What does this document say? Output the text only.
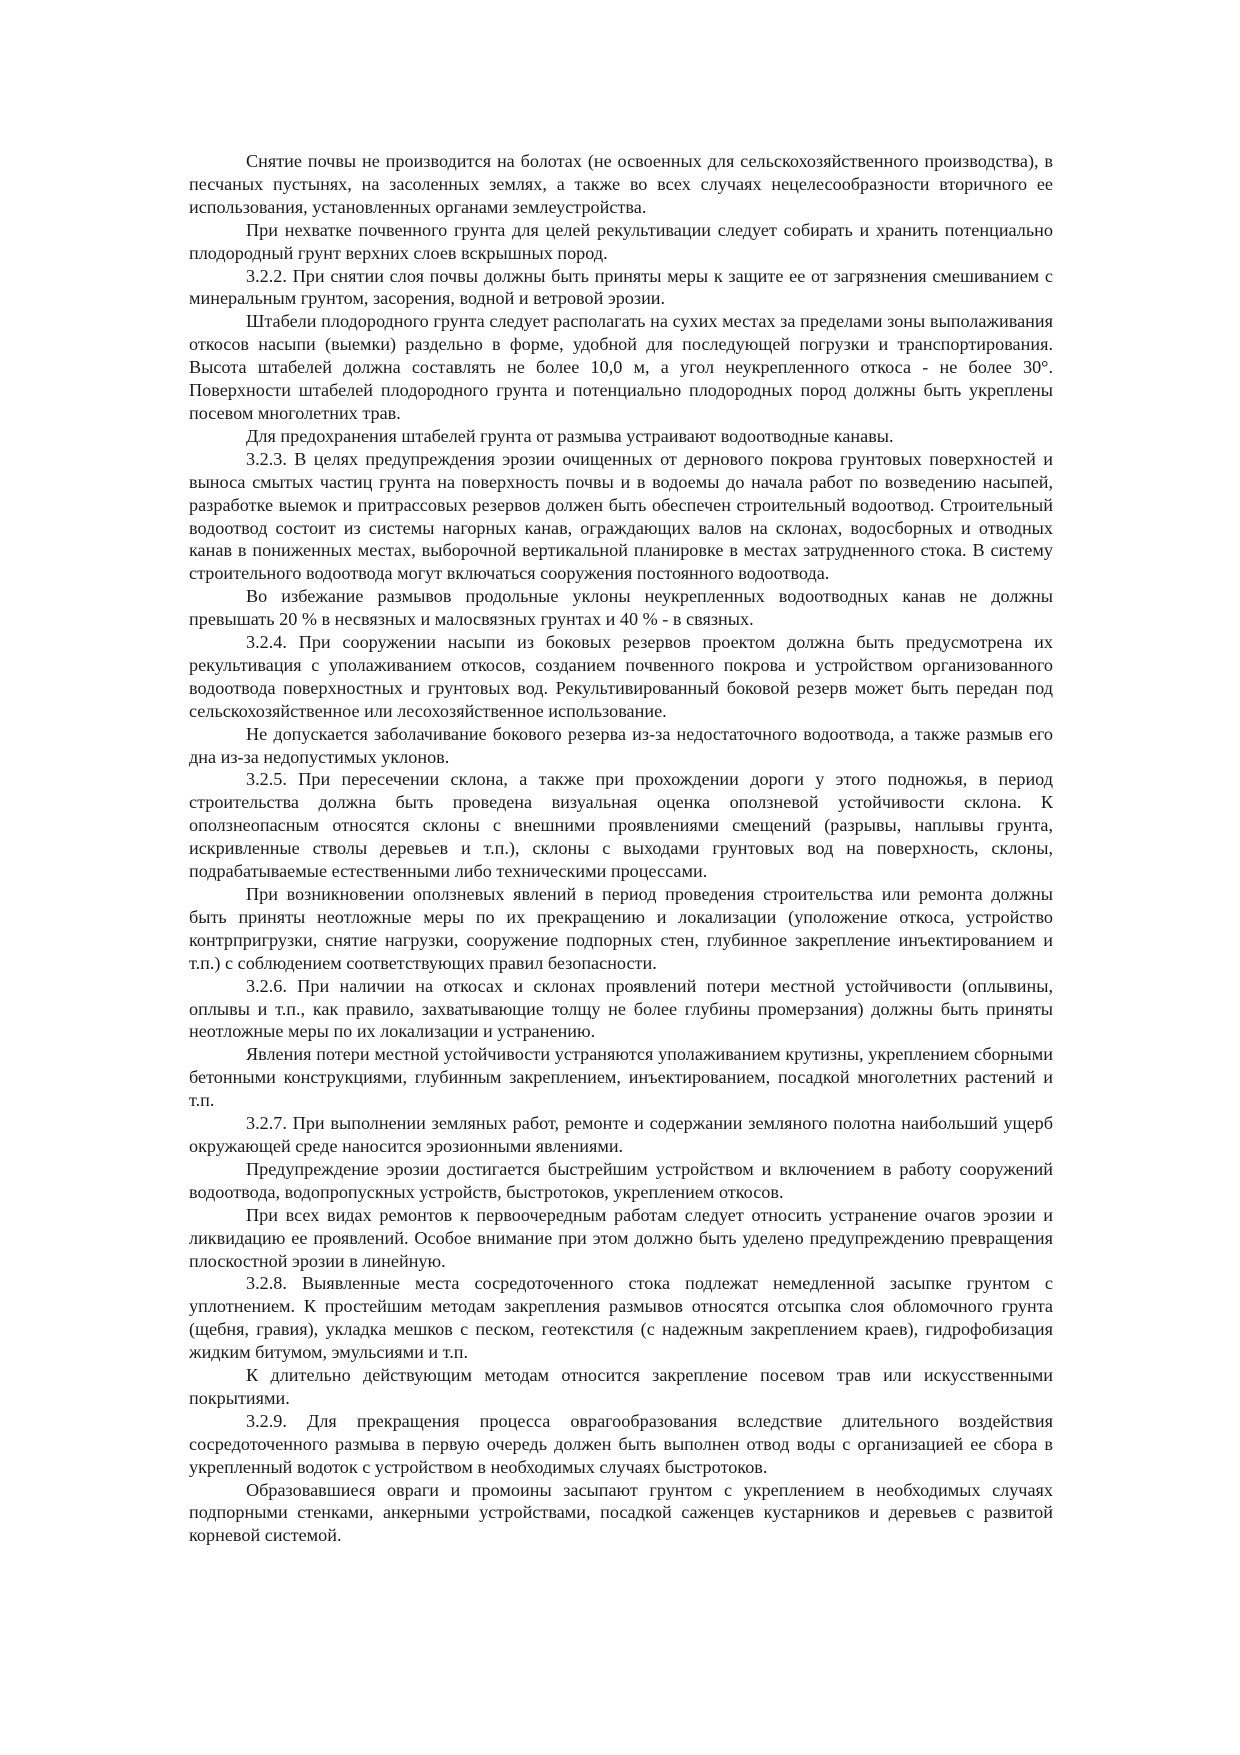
Снятие почвы не производится на болотах (не освоенных для сельскохозяйственного производства), в песчаных пустынях, на засоленных землях, а также во всех случаях нецелесообразности вторичного ее использования, установленных органами землеустройства.

При нехватке почвенного грунта для целей рекультивации следует собирать и хранить потенциально плодородный грунт верхних слоев вскрышных пород.

3.2.2. При снятии слоя почвы должны быть приняты меры к защите ее от загрязнения смешиванием с минеральным грунтом, засорения, водной и ветровой эрозии.

Штабели плодородного грунта следует располагать на сухих местах за пределами зоны выполаживания откосов насыпи (выемки) раздельно в форме, удобной для последующей погрузки и транспортирования. Высота штабелей должна составлять не более 10,0 м, а угол неукрепленного откоса - не более 30°. Поверхности штабелей плодородного грунта и потенциально плодородных пород должны быть укреплены посевом многолетних трав.

Для предохранения штабелей грунта от размыва устраивают водоотводные канавы.

3.2.3. В целях предупреждения эрозии очищенных от дернового покрова грунтовых поверхностей и выноса смытых частиц грунта на поверхность почвы и в водоемы до начала работ по возведению насыпей, разработке выемок и притрассовых резервов должен быть обеспечен строительный водоотвод. Строительный водоотвод состоит из системы нагорных канав, ограждающих валов на склонах, водосборных и отводных канав в пониженных местах, выборочной вертикальной планировке в местах затрудненного стока. В систему строительного водоотвода могут включаться сооружения постоянного водоотвода.

Во избежание размывов продольные уклоны неукрепленных водоотводных канав не должны превышать 20 % в несвязных и малосвязных грунтах и 40 % - в связных.

3.2.4. При сооружении насыпи из боковых резервов проектом должна быть предусмотрена их рекультивация с уполаживанием откосов, созданием почвенного покрова и устройством организованного водоотвода поверхностных и грунтовых вод. Рекультивированный боковой резерв может быть передан под сельскохозяйственное или лесохозяйственное использование.

Не допускается заболачивание бокового резерва из-за недостаточного водоотвода, а также размыв его дна из-за недопустимых уклонов.

3.2.5. При пересечении склона, а также при прохождении дороги у этого подножья, в период строительства должна быть проведена визуальная оценка оползневой устойчивости склона. К оползнеопасным относятся склоны с внешними проявлениями смещений (разрывы, наплывы грунта, искривленные стволы деревьев и т.п.), склоны с выходами грунтовых вод на поверхность, склоны, подрабатываемые естественными либо техническими процессами.

При возникновении оползневых явлений в период проведения строительства или ремонта должны быть приняты неотложные меры по их прекращению и локализации (уположение откоса, устройство контрпригрузки, снятие нагрузки, сооружение подпорных стен, глубинное закрепление инъектированием и т.п.) с соблюдением соответствующих правил безопасности.

3.2.6. При наличии на откосах и склонах проявлений потери местной устойчивости (оплывины, оплывы и т.п., как правило, захватывающие толщу не более глубины промерзания) должны быть приняты неотложные меры по их локализации и устранению.

Явления потери местной устойчивости устраняются уполаживанием крутизны, укреплением сборными бетонными конструкциями, глубинным закреплением, инъектированием, посадкой многолетних растений и т.п.

3.2.7. При выполнении земляных работ, ремонте и содержании земляного полотна наибольший ущерб окружающей среде наносится эрозионными явлениями.

Предупреждение эрозии достигается быстрейшим устройством и включением в работу сооружений водоотвода, водопропускных устройств, быстротоков, укреплением откосов.

При всех видах ремонтов к первоочередным работам следует относить устранение очагов эрозии и ликвидацию ее проявлений. Особое внимание при этом должно быть уделено предупреждению превращения плоскостной эрозии в линейную.

3.2.8. Выявленные места сосредоточенного стока подлежат немедленной засыпке грунтом с уплотнением. К простейшим методам закрепления размывов относятся отсыпка слоя обломочного грунта (щебня, гравия), укладка мешков с песком, геотекстиля (с надежным закреплением краев), гидрофобизация жидким битумом, эмульсиями и т.п.

К длительно действующим методам относится закрепление посевом трав или искусственными покрытиями.

3.2.9. Для прекращения процесса оврагообразования вследствие длительного воздействия сосредоточенного размыва в первую очередь должен быть выполнен отвод воды с организацией ее сбора в укрепленный водоток с устройством в необходимых случаях быстротоков.

Образовавшиеся овраги и промоины засыпают грунтом с укреплением в необходимых случаях подпорными стенками, анкерными устройствами, посадкой саженцев кустарников и деревьев с развитой корневой системой.
